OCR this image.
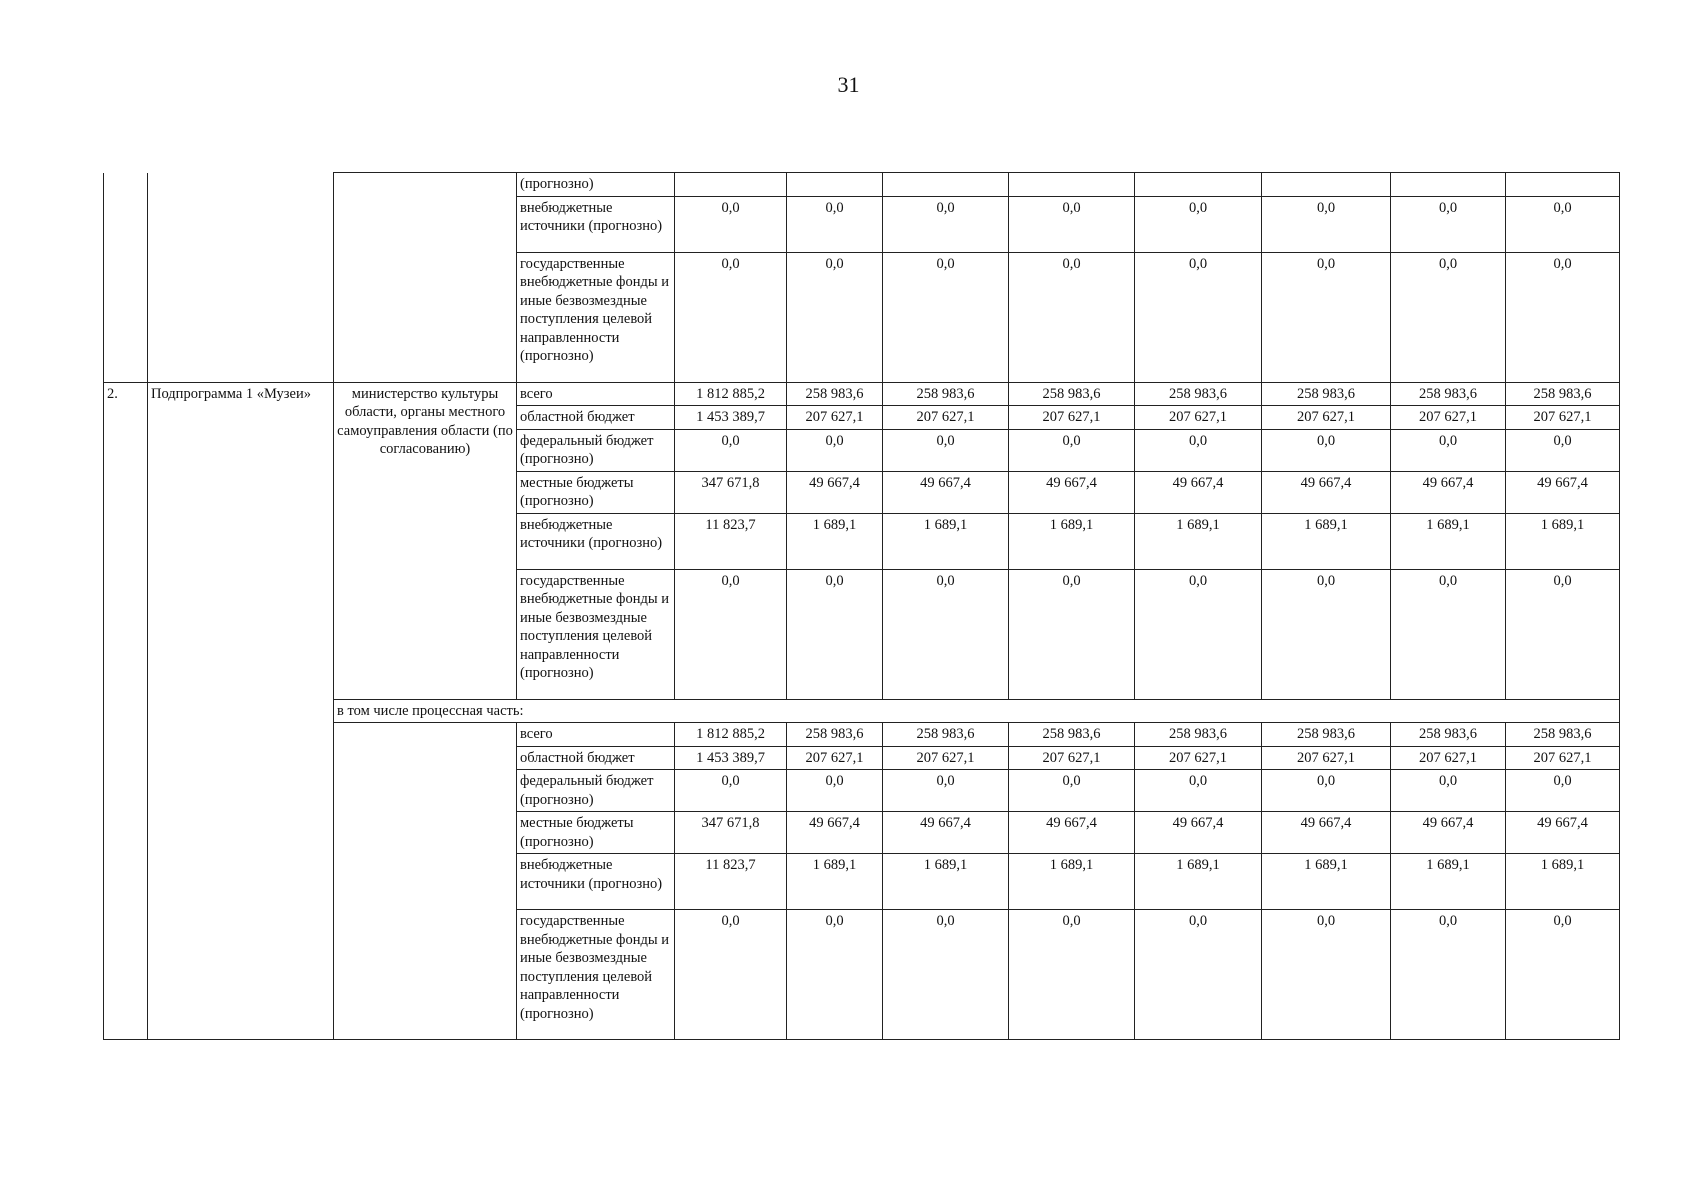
31
			(прогнозно)								
			внебюджетные источники (прогнозно)	0,0	0,0	0,0	0,0	0,0	0,0	0,0	0,0
			государственные внебюджетные фонды и иные безвозмездные поступления целевой направленности (прогнозно)	0,0	0,0	0,0	0,0	0,0	0,0	0,0	0,0
2.	Подпрограмма 1 «Музеи»	министерство культуры области, органы местного самоуправления области (по согласованию)	всего	1 812 885,2	258 983,6	258 983,6	258 983,6	258 983,6	258 983,6	258 983,6	258 983,6
			областной бюджет	1 453 389,7	207 627,1	207 627,1	207 627,1	207 627,1	207 627,1	207 627,1	207 627,1
			федеральный бюджет (прогнозно)	0,0	0,0	0,0	0,0	0,0	0,0	0,0	0,0
			местные бюджеты (прогнозно)	347 671,8	49 667,4	49 667,4	49 667,4	49 667,4	49 667,4	49 667,4	49 667,4
			внебюджетные источники (прогнозно)	11 823,7	1 689,1	1 689,1	1 689,1	1 689,1	1 689,1	1 689,1	1 689,1
			государственные внебюджетные фонды и иные безвозмездные поступления целевой направленности (прогнозно)	0,0	0,0	0,0	0,0	0,0	0,0	0,0	0,0
		в том числе процессная часть:									
			всего	1 812 885,2	258 983,6	258 983,6	258 983,6	258 983,6	258 983,6	258 983,6	258 983,6
			областной бюджет	1 453 389,7	207 627,1	207 627,1	207 627,1	207 627,1	207 627,1	207 627,1	207 627,1
			федеральный бюджет (прогнозно)	0,0	0,0	0,0	0,0	0,0	0,0	0,0	0,0
			местные бюджеты (прогнозно)	347 671,8	49 667,4	49 667,4	49 667,4	49 667,4	49 667,4	49 667,4	49 667,4
			внебюджетные источники (прогнозно)	11 823,7	1 689,1	1 689,1	1 689,1	1 689,1	1 689,1	1 689,1	1 689,1
			государственные внебюджетные фонды и иные безвозмездные поступления целевой направленности (прогнозно)	0,0	0,0	0,0	0,0	0,0	0,0	0,0	0,0
